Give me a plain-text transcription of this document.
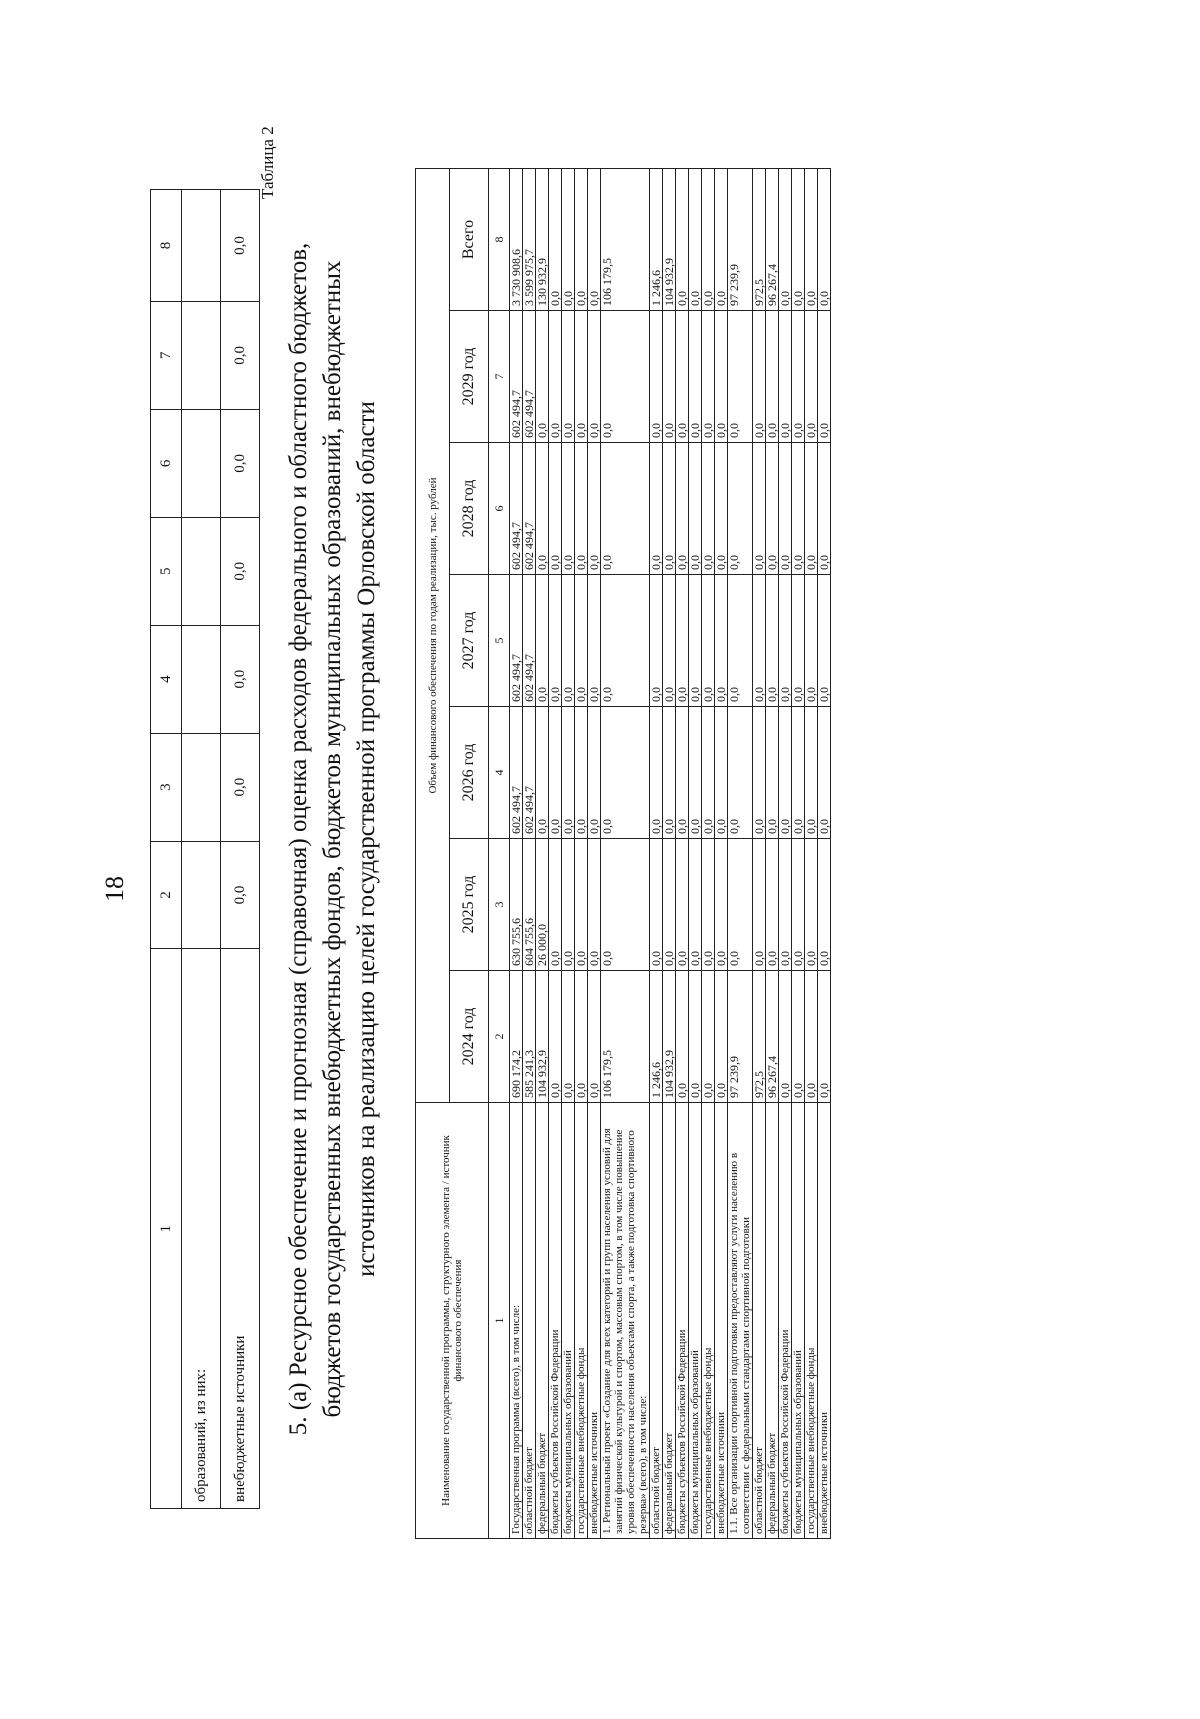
18
1	2	3	4	5	6	7	8
образований, из них:							
внебюджетные источники	0,0	0,0	0,0	0,0	0,0	0,0	0,0
Таблица 2
5. (а) Ресурсное обеспечение и прогнозная (справочная) оценка расходов федерального и областного бюджетов, бюджетов государственных внебюджетных фондов, бюджетов муниципальных образований, внебюджетных источников на реализацию целей государственной программы Орловской области
Наименование государственной программы, структурного элемента / источник финансового обеспечения	Объем финансового обеспечения по годам реализации, тыс. рублей						
	2024 год	2025 год	2026 год	2027 год	2028 год	2029 год	Всего
1	2	3	4	5	6	7	8
Государственная программа (всего), в том числе:	690 174,2	630 755,6	602 494,7	602 494,7	602 494,7	602 494,7	3 730 908,6
областной бюджет	585 241,3	604 755,6	602 494,7	602 494,7	602 494,7	602 494,7	3 599 975,7
федеральный бюджет	104 932,9	26 000,0	0,0	0,0	0,0	0,0	130 932,9
бюджеты субъектов Российской Федерации	0,0	0,0	0,0	0,0	0,0	0,0	0,0
бюджеты муниципальных образований	0,0	0,0	0,0	0,0	0,0	0,0	0,0
государственные внебюджетные фонды	0,0	0,0	0,0	0,0	0,0	0,0	0,0
внебюджетные источники	0,0	0,0	0,0	0,0	0,0	0,0	0,0
1. Региональный проект «Создание для всех категорий и групп населения условий для занятий физической культурой и спортом, массовым спортом, в том числе повышение уровня обеспеченности населения объектами спорта, а также подготовка спортивного резерва» (всего), в том числе:	106 179,5	0,0	0,0	0,0	0,0	0,0	106 179,5
областной бюджет	1 246,6	0,0	0,0	0,0	0,0	0,0	1 246,6
федеральный бюджет	104 932,9	0,0	0,0	0,0	0,0	0,0	104 932,9
бюджеты субъектов Российской Федерации	0,0	0,0	0,0	0,0	0,0	0,0	0,0
бюджеты муниципальных образований	0,0	0,0	0,0	0,0	0,0	0,0	0,0
государственные внебюджетные фонды	0,0	0,0	0,0	0,0	0,0	0,0	0,0
внебюджетные источники	0,0	0,0	0,0	0,0	0,0	0,0	0,0
1.1. Все организации спортивной подготовки предоставляют услуги населению в соответствии с федеральными стандартами спортивной подготовки	97 239,9	0,0	0,0	0,0	0,0	0,0	97 239,9
областной бюджет	972,5	0,0	0,0	0,0	0,0	0,0	972,5
федеральный бюджет	96 267,4	0,0	0,0	0,0	0,0	0,0	96 267,4
бюджеты субъектов Российской Федерации	0,0	0,0	0,0	0,0	0,0	0,0	0,0
бюджеты муниципальных образований	0,0	0,0	0,0	0,0	0,0	0,0	0,0
государственные внебюджетные фонды	0,0	0,0	0,0	0,0	0,0	0,0	0,0
внебюджетные источники	0,0	0,0	0,0	0,0	0,0	0,0	0,0
